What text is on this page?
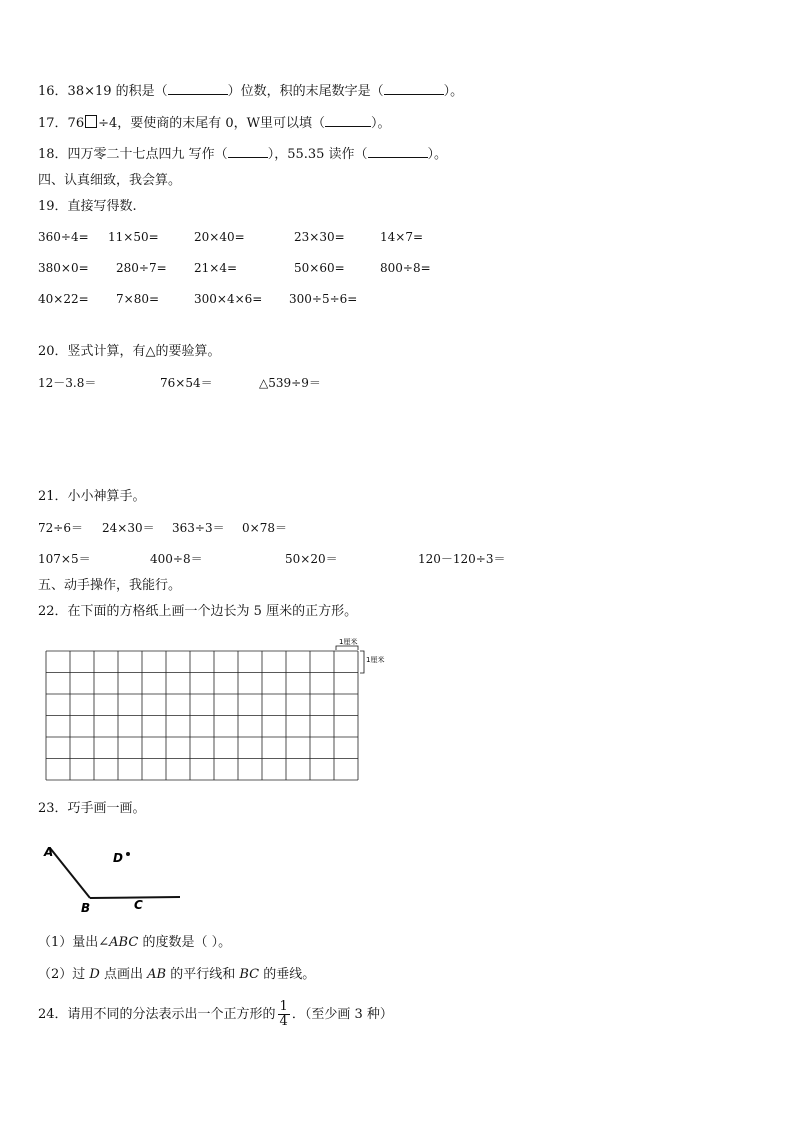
16．38×19 的积是（	）位数，积的末尾数字是（	）。
17．76 ÷4，要使商的末尾有 0，W里可以填（	）。
18．四万零二十七点四九 写作（	），55.35 读作（	）。
四、认真细致，我会算。
19．直接写得数.
360÷4= 11×50=	20×40=	23×30=	14×7=
380×0= 280÷7= 21×4=	50×60=	800÷8=
40×22= 7×80=	300×4×6= 300÷5÷6=
20．竖式计算，有△的要验算。
12－3.8＝	76×54＝	△539÷9＝
21．小小神算手。
72÷6＝ 24×30＝ 363÷3＝ 0×78＝
107×5＝	400÷8＝	50×20＝	120－120÷3＝
五、动手操作，我能行。
22．在下面的方格纸上画一个边长为 5 厘米的正方形。
1厘米
1厘米
23．巧手画一画。
A
B	C
D
（1）量出∠ABC 的度数是（ ）。
（2）过 D 点画出 AB 的平行线和 BC 的垂线。
24．请用不同的分法表示出一个正方形的 $\frac{1}{4}$ ．（至少画 3 种）
